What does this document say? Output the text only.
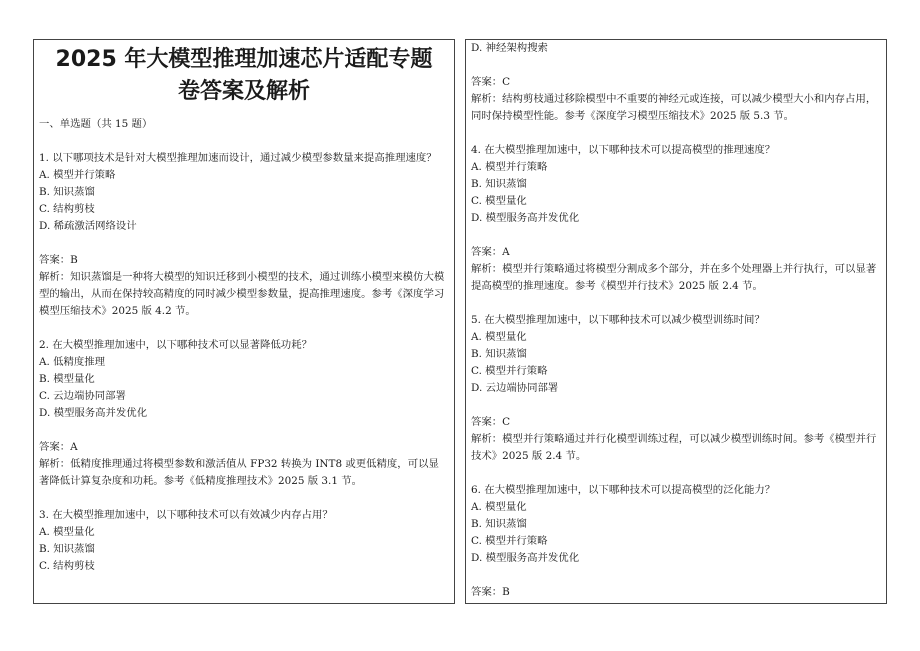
2025 年大模型推理加速芯片适配专题
卷答案及解析
一、单选题（共 15 题）
1. 以下哪项技术是针对大模型推理加速而设计，通过减少模型参数量来提高推理速度？
A. 模型并行策略
B. 知识蒸馏
C. 结构剪枝
D. 稀疏激活网络设计
答案：B
解析：知识蒸馏是一种将大模型的知识迁移到小模型的技术，通过训练小模型来模仿大模型的输出，从而在保持较高精度的同时减少模型参数量，提高推理速度。参考《深度学习模型压缩技术》2025 版 4.2 节。
2. 在大模型推理加速中，以下哪种技术可以显著降低功耗？
A. 低精度推理
B. 模型量化
C. 云边端协同部署
D. 模型服务高并发优化
答案：A
解析：低精度推理通过将模型参数和激活值从 FP32 转换为 INT8 或更低精度，可以显著降低计算复杂度和功耗。参考《低精度推理技术》2025 版 3.1 节。
3. 在大模型推理加速中，以下哪种技术可以有效减少内存占用？
A. 模型量化
B. 知识蒸馏
C. 结构剪枝
D. 神经架构搜索
答案：C
解析：结构剪枝通过移除模型中不重要的神经元或连接，可以减少模型大小和内存占用，同时保持模型性能。参考《深度学习模型压缩技术》2025 版 5.3 节。
4. 在大模型推理加速中，以下哪种技术可以提高模型的推理速度？
A. 模型并行策略
B. 知识蒸馏
C. 模型量化
D. 模型服务高并发优化
答案：A
解析：模型并行策略通过将模型分割成多个部分，并在多个处理器上并行执行，可以显著提高模型的推理速度。参考《模型并行技术》2025 版 2.4 节。
5. 在大模型推理加速中，以下哪种技术可以减少模型训练时间？
A. 模型量化
B. 知识蒸馏
C. 模型并行策略
D. 云边端协同部署
答案：C
解析：模型并行策略通过并行化模型训练过程，可以减少模型训练时间。参考《模型并行技术》2025 版 2.4 节。
6. 在大模型推理加速中，以下哪种技术可以提高模型的泛化能力？
A. 模型量化
B. 知识蒸馏
C. 模型并行策略
D. 模型服务高并发优化
答案：B
